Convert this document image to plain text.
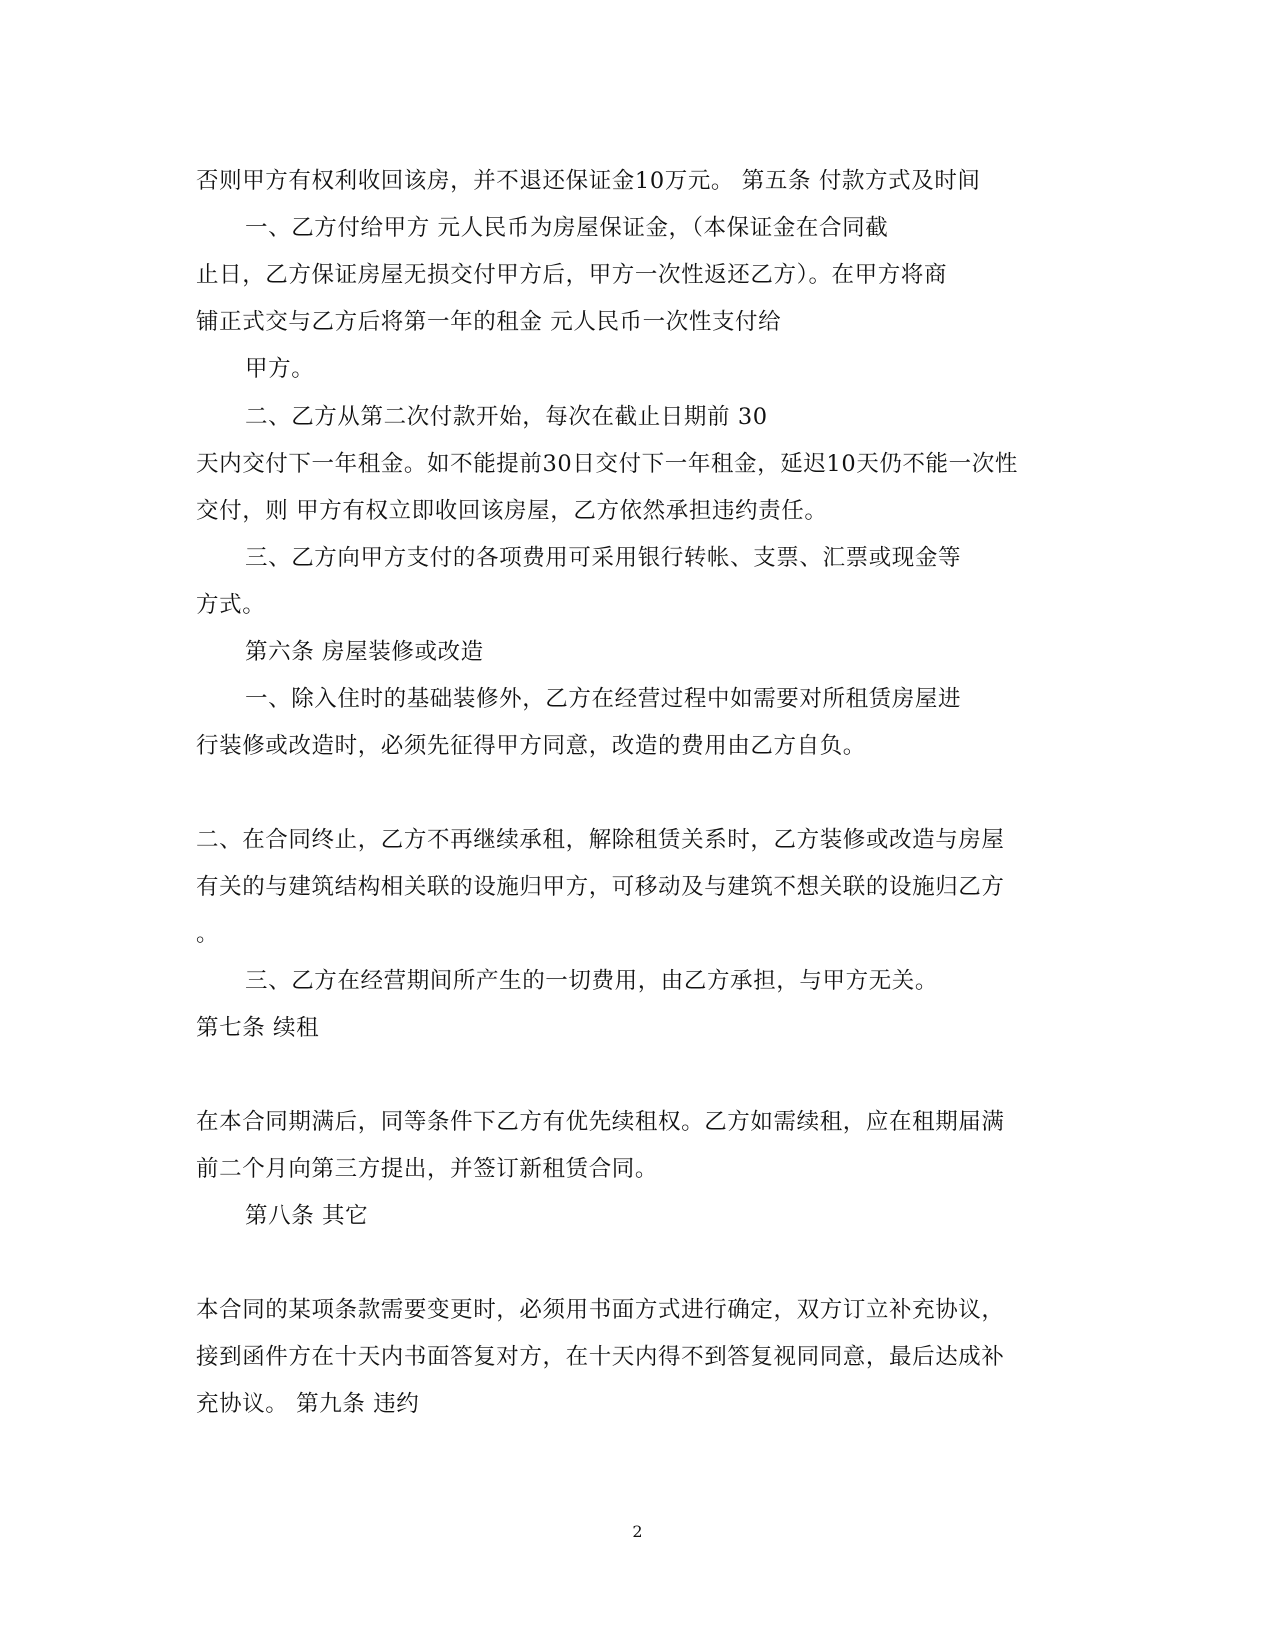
否则甲方有权利收回该房，并不退还保证金10万元。 第五条 付款方式及时间
一、乙方付给甲方 元人民币为房屋保证金，（本保证金在合同截
止日，乙方保证房屋无损交付甲方后，甲方一次性返还乙方）。在甲方将商
铺正式交与乙方后将第一年的租金 元人民币一次性支付给
甲方。
二、乙方从第二次付款开始，每次在截止日期前 30
天内交付下一年租金。如不能提前30日交付下一年租金，延迟10天仍不能一次性
交付，则 甲方有权立即收回该房屋，乙方依然承担违约责任。
三、乙方向甲方支付的各项费用可采用银行转帐、支票、汇票或现金等
方式。
第六条 房屋装修或改造
一、除入住时的基础装修外，乙方在经营过程中如需要对所租赁房屋进
行装修或改造时，必须先征得甲方同意，改造的费用由乙方自负。
二、在合同终止，乙方不再继续承租，解除租赁关系时，乙方装修或改造与房屋
有关的与建筑结构相关联的设施归甲方，可移动及与建筑不想关联的设施归乙方
。
三、乙方在经营期间所产生的一切费用，由乙方承担，与甲方无关。
第七条 续租
在本合同期满后，同等条件下乙方有优先续租权。乙方如需续租，应在租期届满
前二个月向第三方提出，并签订新租赁合同。
第八条 其它
本合同的某项条款需要变更时，必须用书面方式进行确定，双方订立补充协议，
接到函件方在十天内书面答复对方，在十天内得不到答复视同同意，最后达成补
充协议。 第九条 违约
2
